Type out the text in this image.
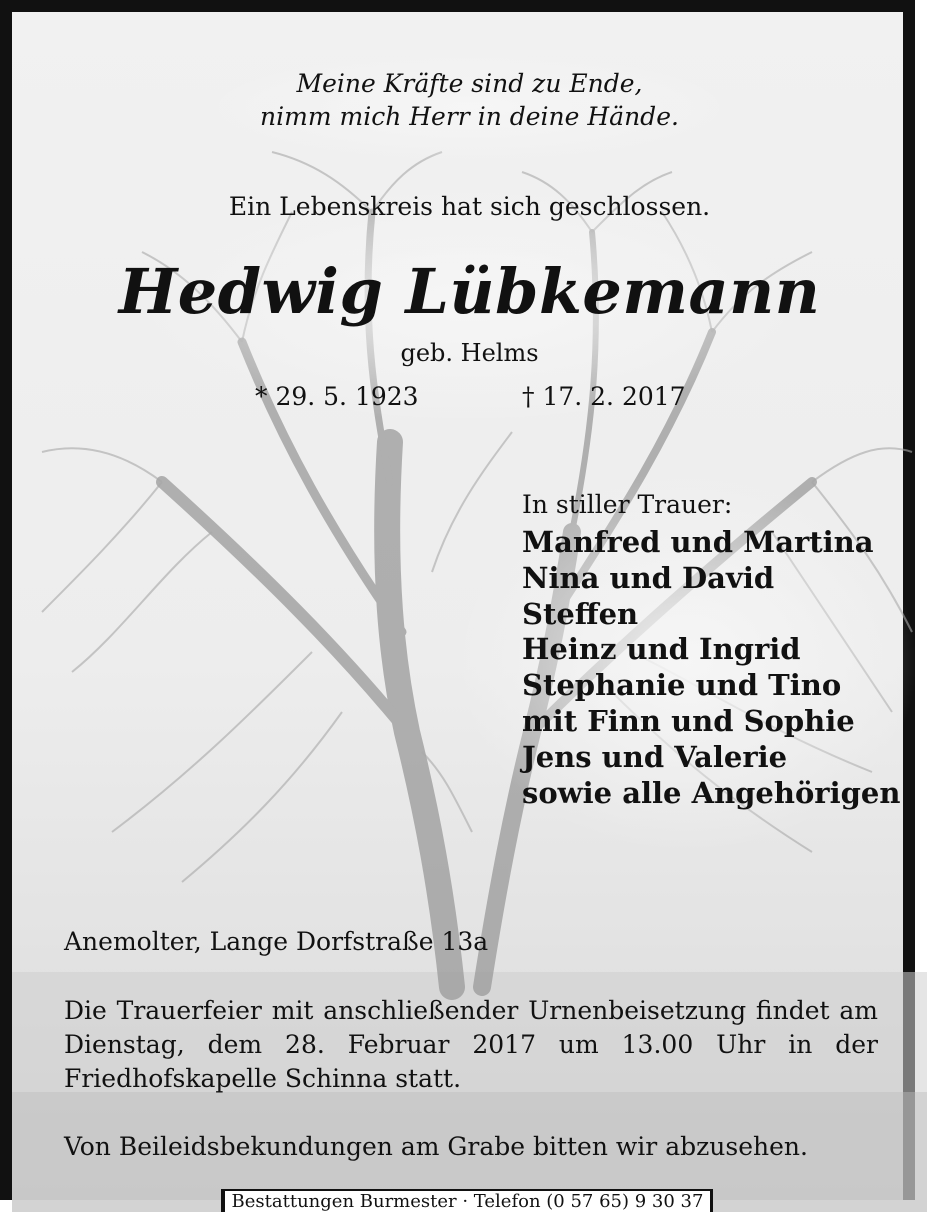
Meine Kräfte sind zu Ende,
nimm mich Herr in deine Hände.
Ein Lebenskreis hat sich geschlossen.
Hedwig Lübkemann
geb. Helms
* 29. 5. 1923	† 17. 2. 2017
In stiller Trauer:
Manfred und Martina
Nina und David
Steffen
Heinz und Ingrid
Stephanie und Tino
mit Finn und Sophie
Jens und Valerie
sowie alle Angehörigen
Anemolter, Lange Dorfstraße 13a
Die Trauerfeier mit anschließender Urnenbeisetzung findet am Dienstag, dem 28. Februar 2017 um 13.00 Uhr in der Friedhofskapelle Schinna statt.
Von Beileidsbekundungen am Grabe bitten wir abzusehen.
Bestattungen Burmester · Telefon (0 57 65) 9 30 37
